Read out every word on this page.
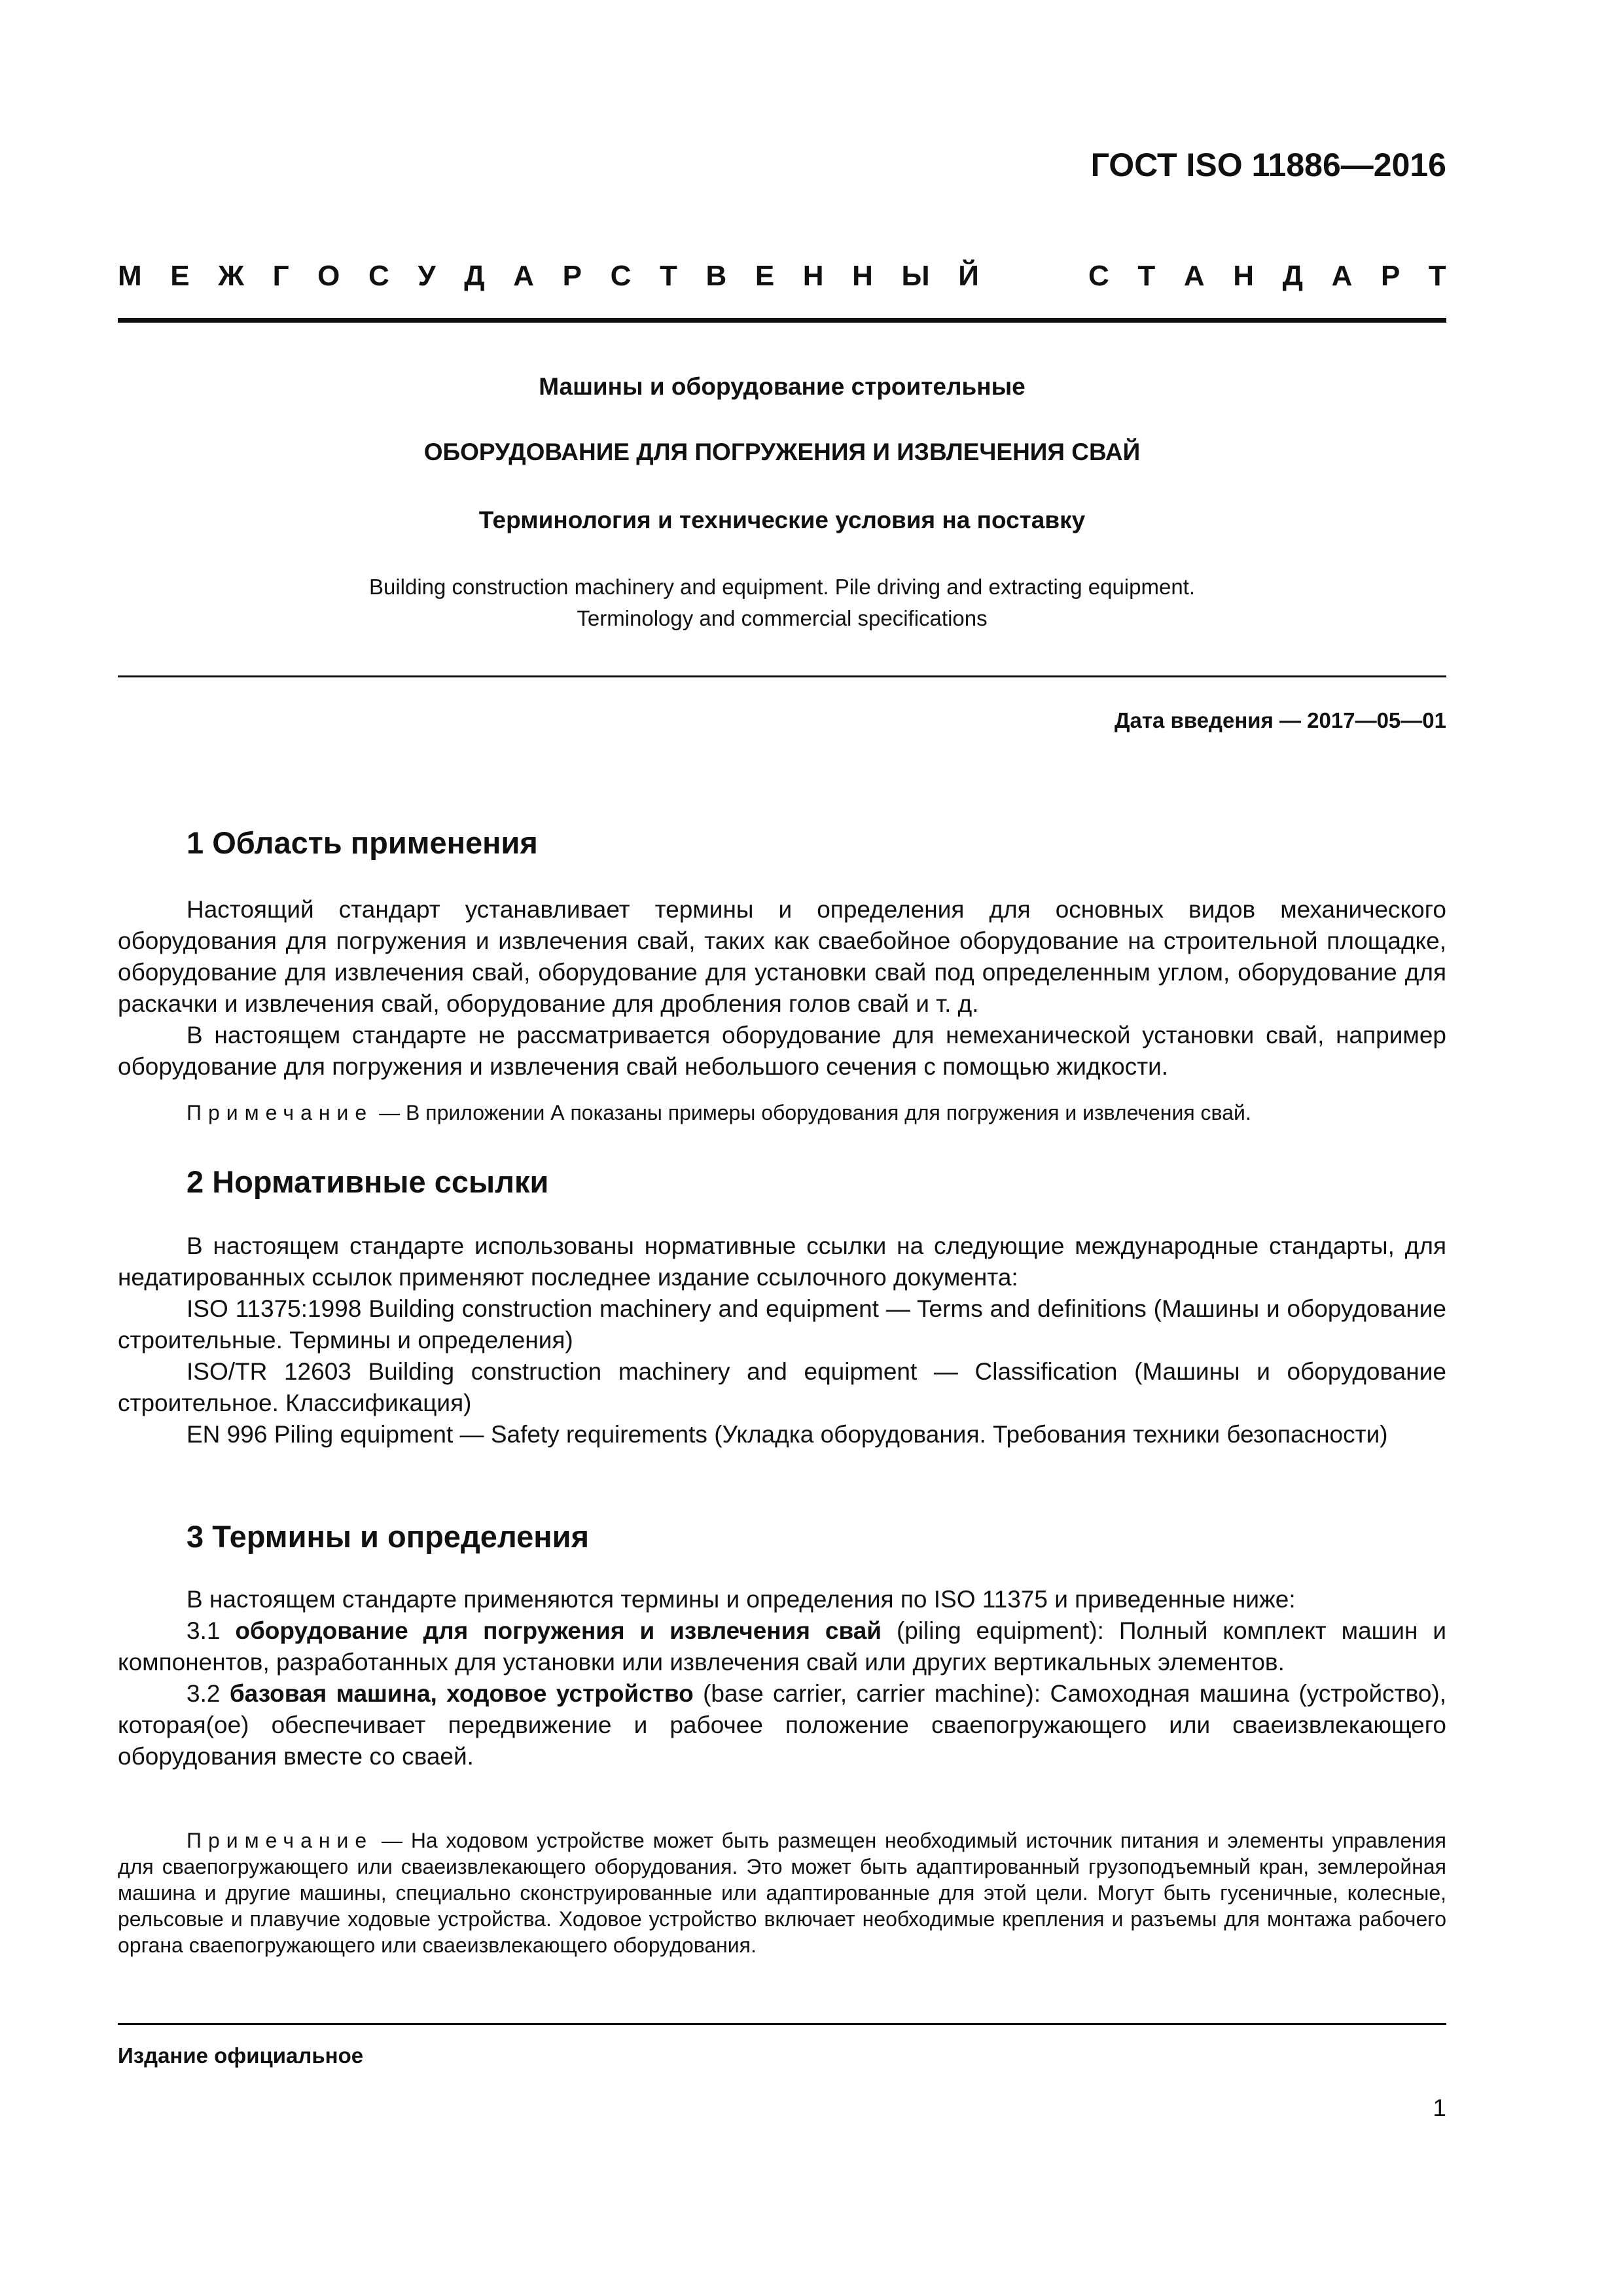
ГОСТ ISO 11886—2016
М Е Ж Г О С У Д А Р С Т В Е Н Н Ы Й	С Т А Н Д А Р Т
Машины и оборудование строительные
ОБОРУДОВАНИЕ ДЛЯ ПОГРУЖЕНИЯ И ИЗВЛЕЧЕНИЯ СВАЙ
Терминология и технические условия на поставку
Building construction machinery and equipment. Pile driving and extracting equipment.
Terminology and commercial specifications
Дата введения — 2017—05—01
1 Область применения

Настоящий стандарт устанавливает термины и определения для основных видов механического оборудования для погружения и извлечения свай, таких как сваебойное оборудование на строительной площадке, оборудование для извлечения свай, оборудование для установки свай под определенным углом, оборудование для раскачки и извлечения свай, оборудование для дробления голов свай и т. д.

В настоящем стандарте не рассматривается оборудование для немеханической установки свай, например оборудование для погружения и извлечения свай небольшого сечения с помощью жидкости.

Примечание — В приложении А показаны примеры оборудования для погружения и извлечения свай.

2 Нормативные ссылки

В настоящем стандарте использованы нормативные ссылки на следующие международные стандарты, для недатированных ссылок применяют последнее издание ссылочного документа:

ISO 11375:1998 Building construction machinery and equipment — Terms and definitions (Машины и оборудование строительные. Термины и определения)

ISO/TR 12603 Building construction machinery and equipment — Classification (Машины и оборудование строительное. Классификация)

EN 996 Piling equipment — Safety requirements (Укладка оборудования. Требования техники безопасности)

3 Термины и определения

В настоящем стандарте применяются термины и определения по ISO 11375 и приведенные ниже:

3.1 оборудование для погружения и извлечения свай (piling equipment): Полный комплект машин и компонентов, разработанных для установки или извлечения свай или других вертикальных элементов.

3.2 базовая машина, ходовое устройство (base carrier, carrier machine): Самоходная машина (устройство), которая(ое) обеспечивает передвижение и рабочее положение сваепогружающего или сваеизвлекающего оборудования вместе со сваей.

Примечание — На ходовом устройстве может быть размещен необходимый источник питания и элементы управления для сваепогружающего или сваеизвлекающего оборудования. Это может быть адаптированный грузоподъемный кран, землеройная машина и другие машины, специально сконструированные или адаптированные для этой цели. Могут быть гусеничные, колесные, рельсовые и плавучие ходовые устройства. Ходовое устройство включает необходимые крепления и разъемы для монтажа рабочего органа сваепогружающего или сваеизвлекающего оборудования.

Издание официальное
1
